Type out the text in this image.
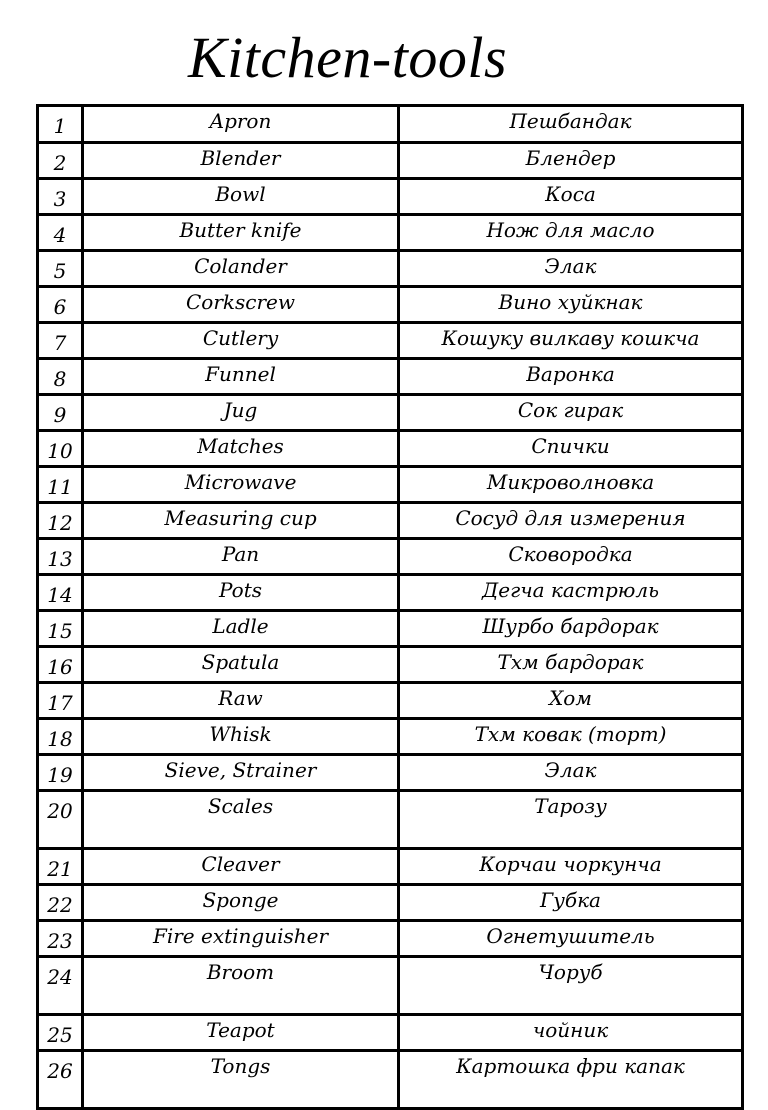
Kitchen-tools
1	Apron	Пешбандак
2	Blender	Блендер
3	Bowl	Коса
4	Butter knife	Нож для масло
5	Colander	Элак
6	Corkscrew	Вино хуйкнак
7	Cutlery	Кошуку вилкаву кошкча
8	Funnel	Варонка
9	Jug	Сок гирак
10	Matches	Спички
11	Microwave	Микроволновка
12	Measuring cup	Сосуд для измерения
13	Pan	Сковородка
14	Pots	Дегча кастрюль
15	Ladle	Шурбо бардорак
16	Spatula	Тхм бардорак
17	Raw	Хом
18	Whisk	Тхм ковак (торт)
19	Sieve, Strainer	Элак
20	Scales	Тарозу
21	Cleaver	Корчаи чоркунча
22	Sponge	Губка
23	Fire extinguisher	Огнетушитель
24	Broom	Чоруб
25	Teapot	чойник
26	Tongs	Картошка фри капак
